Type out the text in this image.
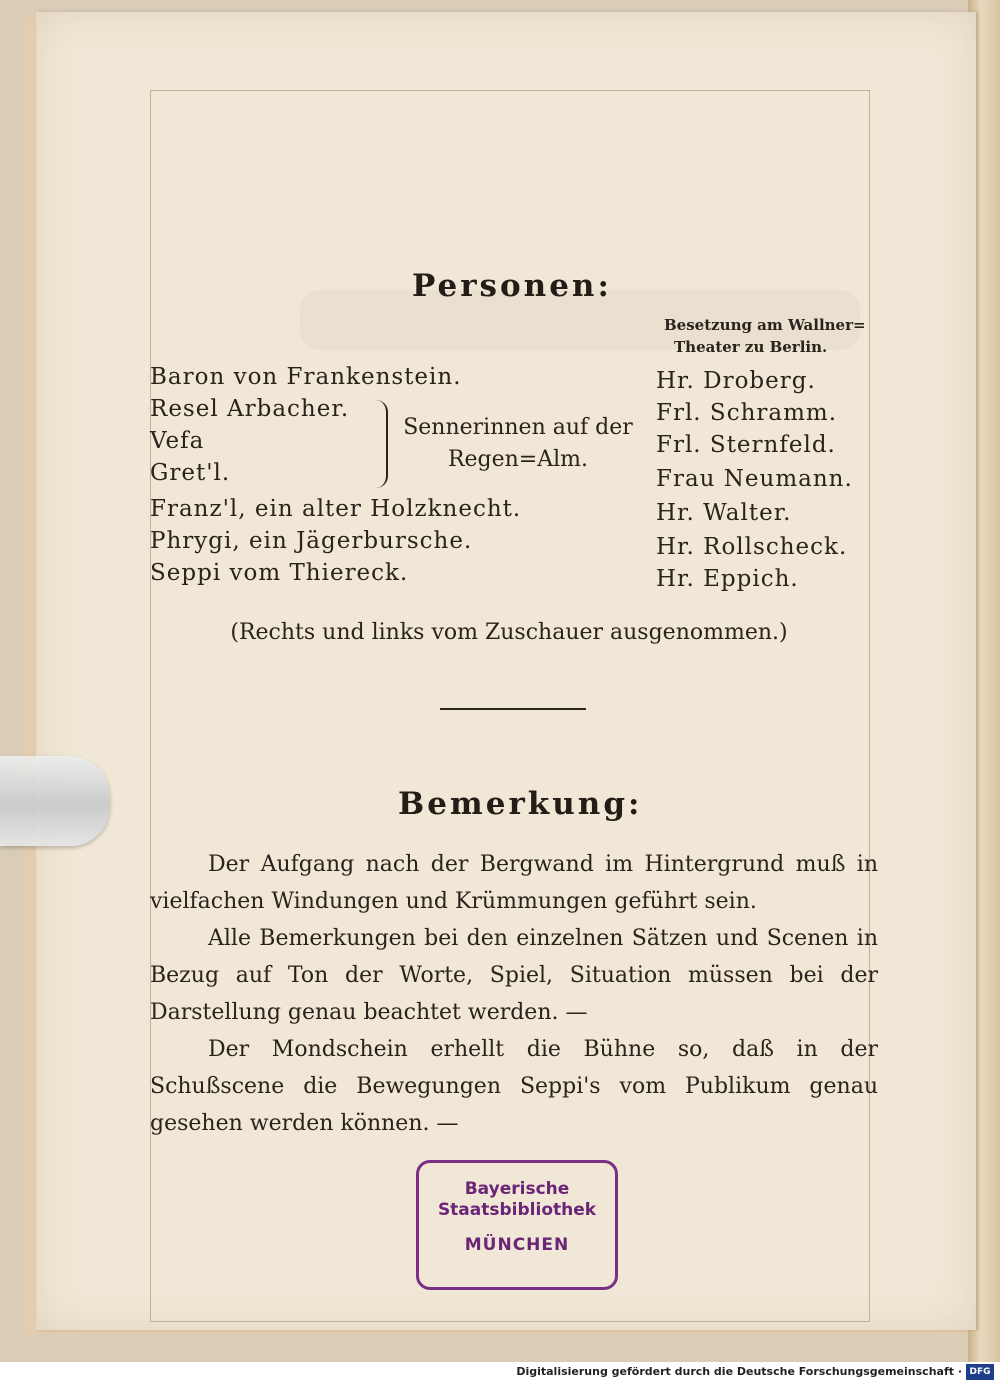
Personen:
Besetzung am Wallner=
Theater zu Berlin.
Baron von Frankenstein.	Hr. Droberg.
Resel Arbacher.	Frl. Schramm.
Vefa	Frl. Sternfeld.
Gret'l.	Frau Neumann.
Sennerinnen auf der
Regen=Alm.
Franz'l, ein alter Holzknecht.	Hr. Walter.
Phrygi, ein Jägerbursche.	Hr. Rollscheck.
Seppi vom Thiereck.	Hr. Eppich.
(Rechts und links vom Zuschauer ausgenommen.)
Bemerkung:

Der Aufgang nach der Bergwand im Hintergrund muß in vielfachen Windungen und Krümmungen geführt sein.

Alle Bemerkungen bei den einzelnen Sätzen und Scenen in Bezug auf Ton der Worte, Spiel, Situation müssen bei der Darstellung genau beachtet werden. —

Der Mondschein erhellt die Bühne so, daß in der Schußscene die Bewegungen Seppi's vom Publikum genau gesehen werden können. —

Bayerische
Staatsbibliothek
MÜNCHEN
Digitalisierung gefördert durch die Deutsche Forschungsgemeinschaft · DFG
